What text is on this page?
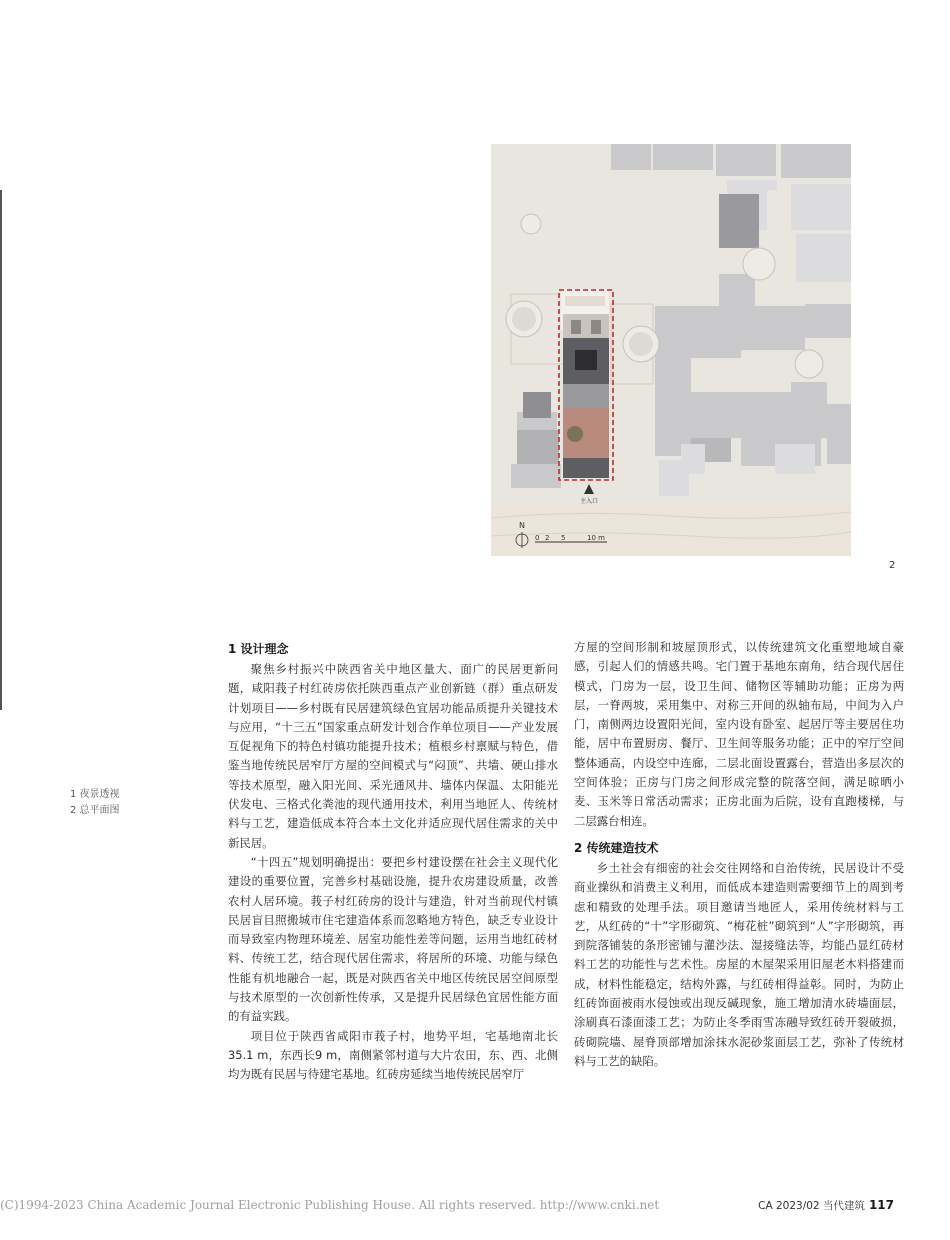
主入口
N
0 2 5	10 m
2
1 设计理念

聚焦乡村振兴中陕西省关中地区量大、面广的民居更新问题，咸阳莪子村红砖房依托陕西重点产业创新链（群）重点研发计划项目——乡村既有民居建筑绿色宜居功能品质提升关键技术与应用，“十三五”国家重点研发计划合作单位项目——产业发展互促视角下的特色村镇功能提升技术；植根乡村禀赋与特色，借鉴当地传统民居窄厅方屋的空间模式与“闷顶”、共墙、硬山排水等技术原型，融入阳光间、采光通风井、墙体内保温、太阳能光伏发电、三格式化粪池的现代通用技术，利用当地匠人、传统材料与工艺，建造低成本符合本土文化并适应现代居住需求的关中新民居。

“十四五”规划明确提出：要把乡村建设摆在社会主义现代化建设的重要位置，完善乡村基础设施，提升农房建设质量，改善农村人居环境。莪子村红砖房的设计与建造，针对当前现代村镇民居盲目照搬城市住宅建造体系而忽略地方特色，缺乏专业设计而导致室内物理环境差、居室功能性差等问题，运用当地红砖材料、传统工艺，结合现代居住需求，将居所的环境、功能与绿色性能有机地融合一起，既是对陕西省关中地区传统民居空间原型与技术原型的一次创新性传承，又是提升民居绿色宜居性能方面的有益实践。

项目位于陕西省咸阳市莪子村，地势平坦，宅基地南北长35.1 m，东西长9 m，南侧紧邻村道与大片农田，东、西、北侧均为既有民居与待建宅基地。红砖房延续当地传统民居窄厅

方屋的空间形制和坡屋顶形式，以传统建筑文化重塑地域自豪感，引起人们的情感共鸣。宅门置于基地东南角，结合现代居住模式，门房为一层，设卫生间、储物区等辅助功能；正房为两层，一脊两坡，采用集中、对称三开间的纵轴布局，中间为入户门，南侧两边设置阳光间，室内设有卧室、起居厅等主要居住功能，居中布置厨房、餐厅、卫生间等服务功能；正中的窄厅空间整体通高，内设空中连廊，二层北面设置露台，营造出多层次的空间体验；正房与门房之间形成完整的院落空间，满足晾晒小麦、玉米等日常活动需求；正房北面为后院，设有直跑楼梯，与二层露台相连。

2 传统建造技术

乡土社会有细密的社会交往网络和自治传统，民居设计不受商业操纵和消费主义利用，而低成本建造则需要细节上的周到考虑和精致的处理手法。项目邀请当地匠人，采用传统材料与工艺，从红砖的“十”字形砌筑、“梅花桩”砌筑到“人”字形砌筑，再到院落铺装的条形密铺与灌沙法、湿接缝法等，均能凸显红砖材料工艺的功能性与艺术性。房屋的木屋架采用旧屋老木料搭建而成，材料性能稳定，结构外露，与红砖相得益彰。同时，为防止红砖饰面被雨水侵蚀或出现反碱现象，施工增加清水砖墙面层，涂刷真石漆面漆工艺；为防止冬季雨雪冻融导致红砖开裂破损，砖砌院墙、屋脊顶部增加涂抹水泥砂浆面层工艺，弥补了传统材料与工艺的缺陷。

1 夜景透视
2 总平面图
(C)1994-2023 China Academic Journal Electronic Publishing House. All rights reserved. http://www.cnki.net	CA 2023/02 当代建筑 117
